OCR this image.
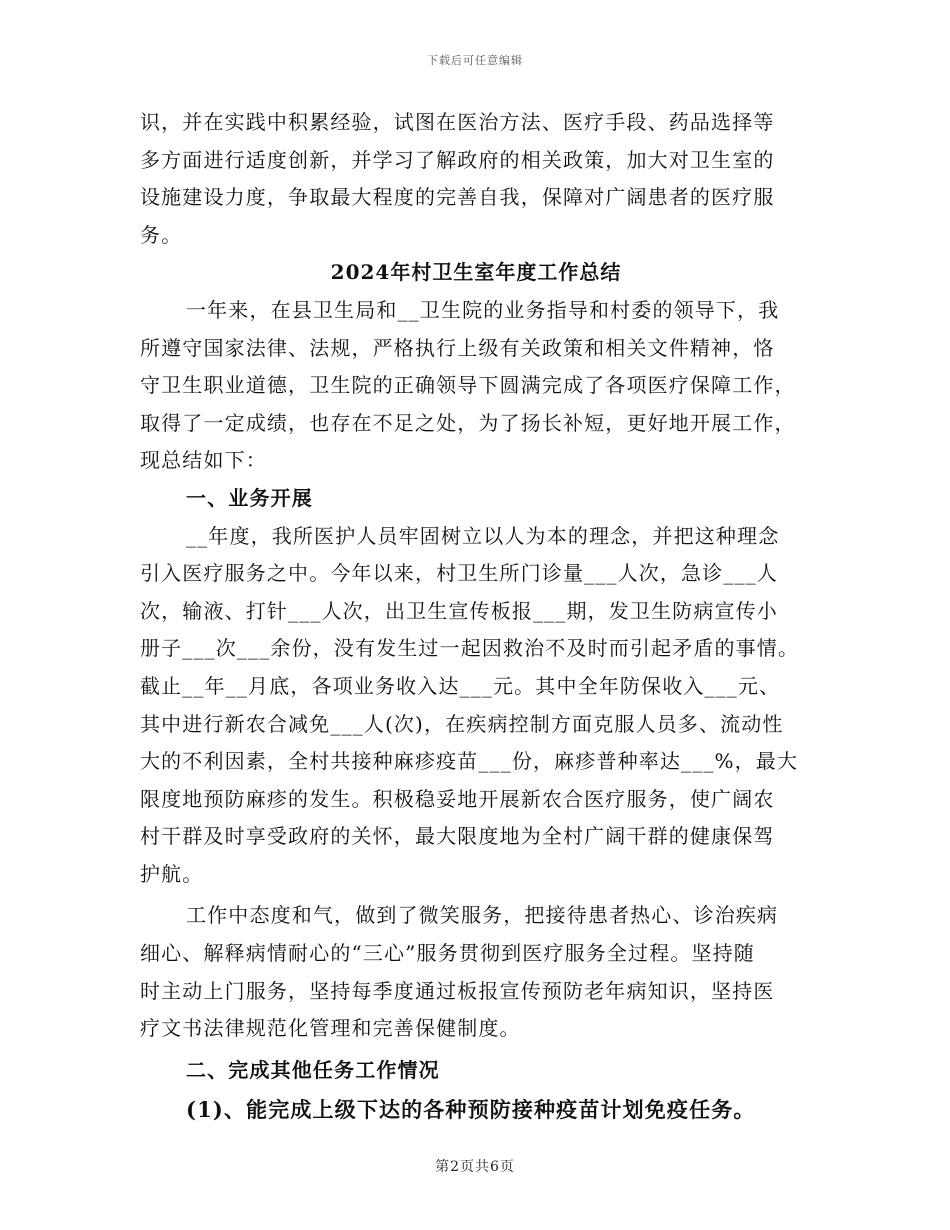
下载后可任意编辑
识，并在实践中积累经验，试图在医治方法、医疗手段、药品选择等
多方面进行适度创新，并学习了解政府的相关政策，加大对卫生室的
设施建设力度，争取最大程度的完善自我，保障对广阔患者的医疗服
务。
2024年村卫生室年度工作总结
一年来，在县卫生局和__卫生院的业务指导和村委的领导下，我
所遵守国家法律、法规，严格执行上级有关政策和相关文件精神，恪
守卫生职业道德，卫生院的正确领导下圆满完成了各项医疗保障工作，
取得了一定成绩，也存在不足之处，为了扬长补短，更好地开展工作，
现总结如下：
一、业务开展
__年度，我所医护人员牢固树立以人为本的理念，并把这种理念
引入医疗服务之中。今年以来，村卫生所门诊量___人次，急诊___人
次，输液、打针___人次，出卫生宣传板报___期，发卫生防病宣传小
册子___次___余份，没有发生过一起因救治不及时而引起矛盾的事情。
截止__年__月底，各项业务收入达___元。其中全年防保收入___元、
其中进行新农合减免___人(次)，在疾病控制方面克服人员多、流动性
大的不利因素，全村共接种麻疹疫苗___份，麻疹普种率达___%，最大
限度地预防麻疹的发生。积极稳妥地开展新农合医疗服务，使广阔农
村干群及时享受政府的关怀，最大限度地为全村广阔干群的健康保驾
护航。
工作中态度和气，做到了微笑服务，把接待患者热心、诊治疾病
细心、解释病情耐心的“三心”服务贯彻到医疗服务全过程。坚持随
时主动上门服务，坚持每季度通过板报宣传预防老年病知识，坚持医
疗文书法律规范化管理和完善保健制度。
二、完成其他任务工作情况
(1)、能完成上级下达的各种预防接种疫苗计划免疫任务。
第2页共6页
